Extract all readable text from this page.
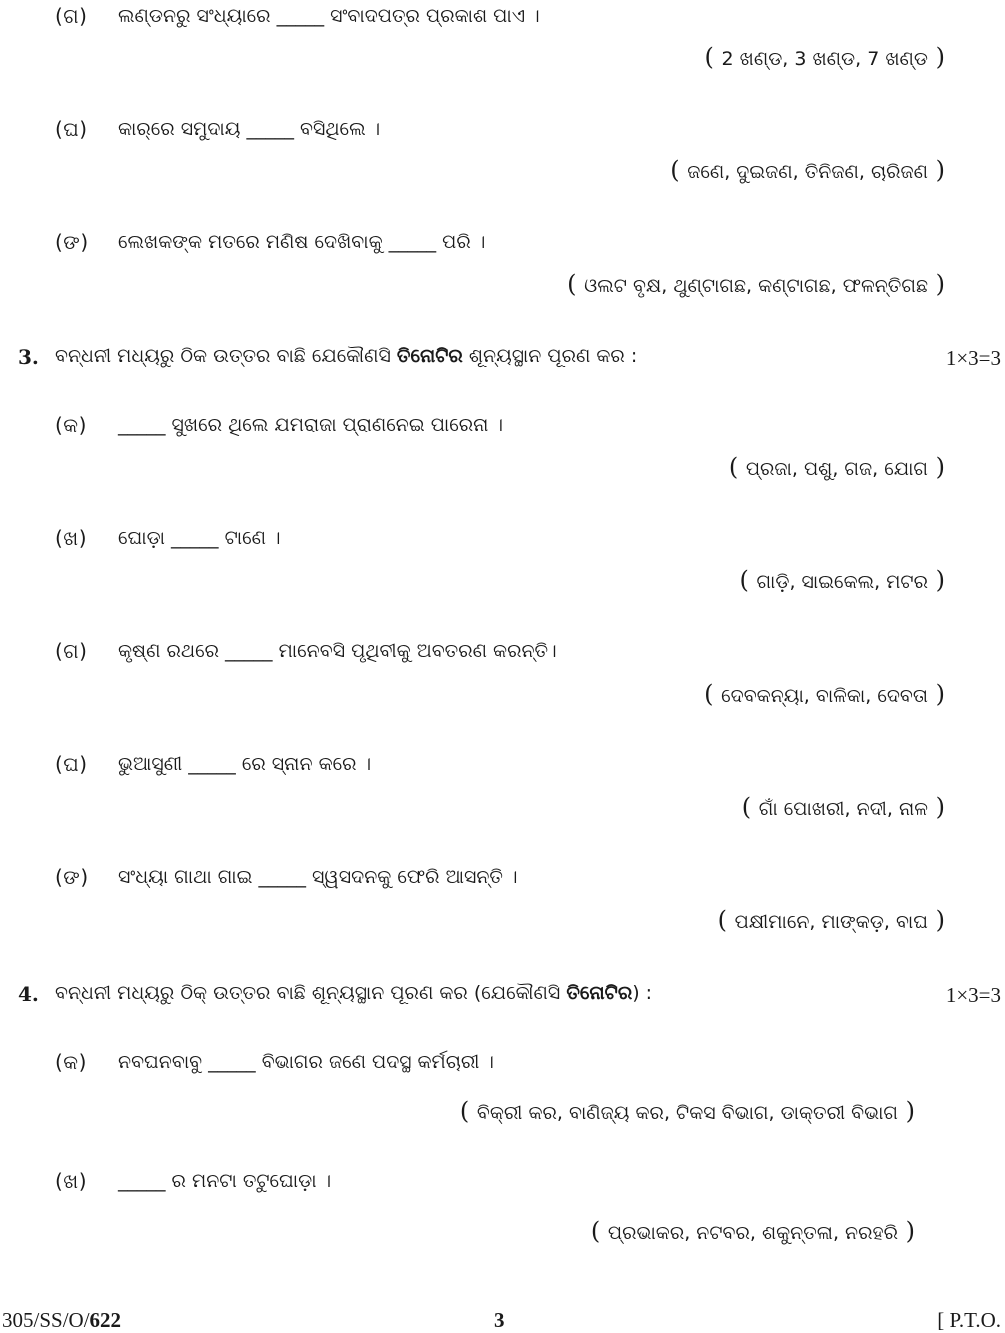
(ଗ) ଲଣ୍ଡନରୁ ସଂଧ୍ୟାରେ _____ ସଂବାଦପତ୍ର ପ୍ରକାଶ ପାଏ ।
( 2 ଖଣ୍ଡ, 3 ଖଣ୍ଡ, 7 ଖଣ୍ଡ )
(ଘ) କାର୍‌ରେ ସମୁଦାୟ _____ ବସିଥିଲେ ।
( ଜଣେ, ଦୁଇଜଣ, ତିନିଜଣ, ଚାରିଜଣ )
(ଙ) ଲେଖକଙ୍କ ମତରେ ମଣିଷ ଦେଖିବାକୁ _____ ପରି ।
( ଓଲଟ ବୃକ୍ଷ, ଥୁଣ୍ଟାଗଛ, କଣ୍ଟାଗଛ, ଫଳନ୍ତିଗଛ )
3. ବନ୍ଧନୀ ମଧ୍ୟରୁ ଠିକ ଉତ୍ତର ବାଛି ଯେକୌଣସି ତିନୋଟିର ଶୂନ୍ୟସ୍ଥାନ ପୂରଣ କର :	1×3=3
(କ) _____ ସୁଖରେ ଥିଲେ ଯମରାଜା ପ୍ରାଣନେଇ ପାରେନା ।
( ପ୍ରଜା, ପଶୁ, ଗଜ, ଯୋଗ )
(ଖ) ଘୋଡ଼ା _____ ଟାଣେ ।
( ଗାଡ଼ି, ସାଇକେଲ, ମଟର )
(ଗ) କୃଷ୍ଣ ରଥରେ _____ ମାନେବସି ପୃଥିବୀକୁ ଅବତରଣ କରନ୍ତି।
( ଦେବକନ୍ୟା, ବାଳିକା, ଦେବତା )
(ଘ) ଭୁଆସୁଣୀ _____ ରେ ସ୍ନାନ କରେ ।
( ଗାଁ ପୋଖରୀ, ନଦୀ, ନାଳ )
(ଙ) ସଂଧ୍ୟା ଗାଥା ଗାଇ _____ ସ୍ୱସଦନକୁ ଫେରି ଆସନ୍ତି ।
( ପକ୍ଷୀମାନେ, ମାଙ୍କଡ଼, ବାଘ )
4. ବନ୍ଧନୀ ମଧ୍ୟରୁ ଠିକ୍ ଉତ୍ତର ବାଛି ଶୂନ୍ୟସ୍ଥାନ ପୂରଣ କର (ଯେକୌଣସି ତିନୋଟିର) :	1×3=3
(କ) ନବଘନବାବୁ _____ ବିଭାଗର ଜଣେ ପଦସ୍ଥ କର୍ମଚାରୀ ।
( ବିକ୍ରୀ କର, ବାଣିଜ୍ୟ କର, ଟିକସ ବିଭାଗ, ଡାକ୍ତରୀ ବିଭାଗ )
(ଖ) _____ ର ମନଟା ତଟୁଘୋଡ଼ା ।
( ପ୍ରଭାକର, ନଟବର, ଶକୁନ୍ତଳା, ନରହରି )
305/SS/O/622	3	[ P.T.O.
